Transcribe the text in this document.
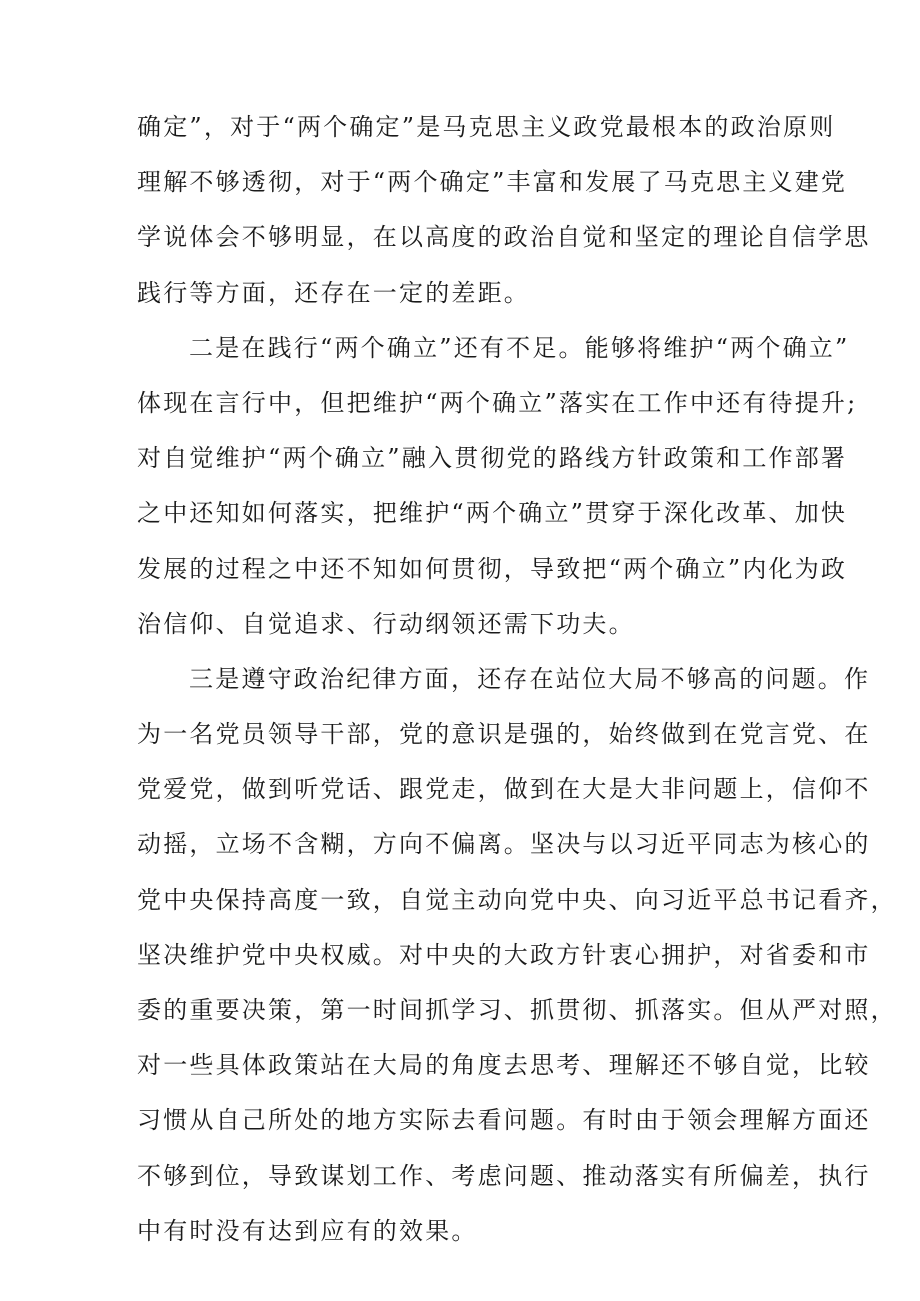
确定”，对于“两个确定”是马克思主义政党最根本的政治原则
理解不够透彻，对于“两个确定”丰富和发展了马克思主义建党
学说体会不够明显，在以高度的政治自觉和坚定的理论自信学思
践行等方面，还存在一定的差距。
二是在践行“两个确立”还有不足。能够将维护“两个确立”
体现在言行中，但把维护“两个确立”落实在工作中还有待提升;
对自觉维护“两个确立”融入贯彻党的路线方针政策和工作部署
之中还知如何落实，把维护“两个确立”贯穿于深化改革、加快
发展的过程之中还不知如何贯彻，导致把“两个确立”内化为政
治信仰、自觉追求、行动纲领还需下功夫。
三是遵守政治纪律方面，还存在站位大局不够高的问题。作
为一名党员领导干部，党的意识是强的，始终做到在党言党、在
党爱党，做到听党话、跟党走，做到在大是大非问题上，信仰不
动摇，立场不含糊，方向不偏离。坚决与以习近平同志为核心的
党中央保持高度一致，自觉主动向党中央、向习近平总书记看齐，
坚决维护党中央权威。对中央的大政方针衷心拥护，对省委和市
委的重要决策，第一时间抓学习、抓贯彻、抓落实。但从严对照，
对一些具体政策站在大局的角度去思考、理解还不够自觉，比较
习惯从自己所处的地方实际去看问题。有时由于领会理解方面还
不够到位，导致谋划工作、考虑问题、推动落实有所偏差，执行
中有时没有达到应有的效果。
